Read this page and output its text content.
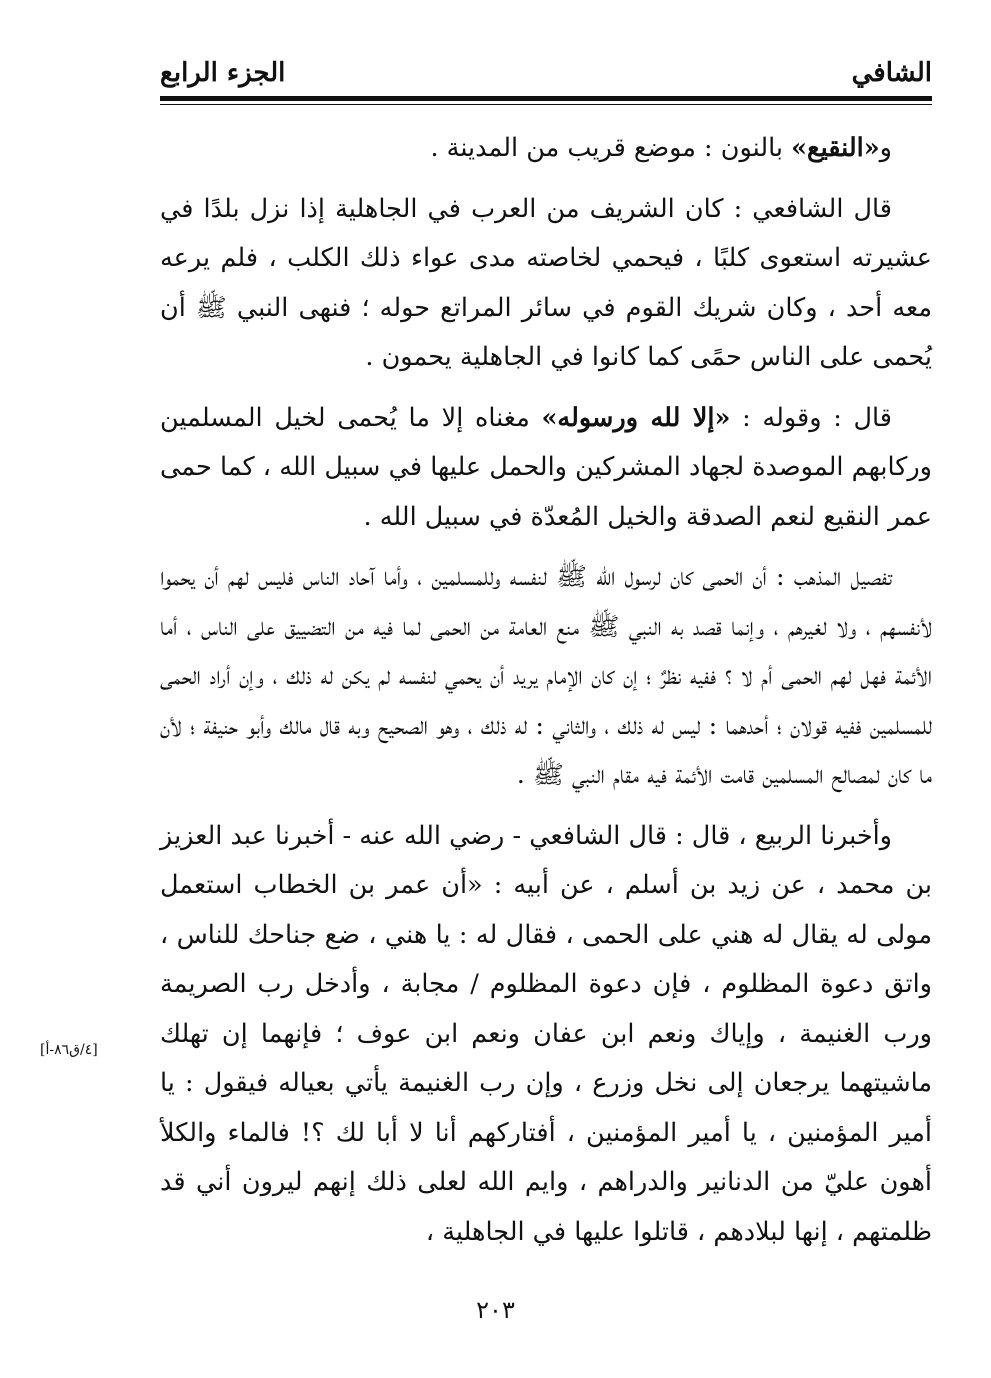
الشافي
الجزء الرابع

و«النقيع» بالنون : موضع قريب من المدينة .

قال الشافعي : كان الشريف من العرب في الجاهلية إذا نزل بلدًا في عشيرته استعوى كلبًا ، فيحمي لخاصته مدى عواء ذلك الكلب ، فلم يرعه معه أحد ، وكان شريك القوم في سائر المراتع حوله ؛ فنهى النبي ﷺ أن يُحمى على الناس حمًى كما كانوا في الجاهلية يحمون .

قال : وقوله : «إلا لله ورسوله» مغناه إلا ما يُحمى لخيل المسلمين وركابهم الموصدة لجهاد المشركين والحمل عليها في سبيل الله ، كما حمى عمر النقيع لنعم الصدقة والخيل المُعدّة في سبيل الله .

تفصيل المذهب : أن الحمى كان لرسول الله ﷺ لنفسه وللمسلمين ، وأما آحاد الناس فليس لهم أن يحموا لأنفسهم ، ولا لغيرهم ، وإنما قصد به النبي ﷺ منع العامة من الحمى لما فيه من التضييق على الناس ، أما الأئمة فهل لهم الحمى أم لا ؟ ففيه نظرٌ ؛ إن كان الإمام يريد أن يحمي لنفسه لم يكن له ذلك ، وإن أراد الحمى للمسلمين ففيه قولان ؛ أحدهما : ليس له ذلك ، والثاني : له ذلك ، وهو الصحيح وبه قال مالك وأبو حنيفة ؛ لأن ما كان لمصالح المسلمين قامت الأئمة فيه مقام النبي ﷺ .

وأخبرنا الربيع ، قال : قال الشافعي - رضي الله عنه - أخبرنا عبد العزيز بن محمد ، عن زيد بن أسلم ، عن أبيه : «أن عمر بن الخطاب استعمل مولى له يقال له هني على الحمى ، فقال له : يا هني ، ضع جناحك للناس ، واتق دعوة المظلوم ، فإن دعوة المظلوم / مجابة ، وأدخل رب الصريمة ورب الغنيمة ، وإياك ونعم ابن عفان ونعم ابن عوف ؛ فإنهما إن تهلك ماشيتهما يرجعان إلى نخل وزرع ، وإن رب الغنيمة يأتي بعياله فيقول : يا أمير المؤمنين ، يا أمير المؤمنين ، أفتاركهم أنا لا أبا لك ؟! فالماء والكلأ أهون عليّ من الدنانير والدراهم ، وايم الله لعلى ذلك إنهم ليرون أني قد ظلمتهم ، إنها لبلادهم ، قاتلوا عليها في الجاهلية ،

[٤/ق٨٦-أ]
٢٠٣
